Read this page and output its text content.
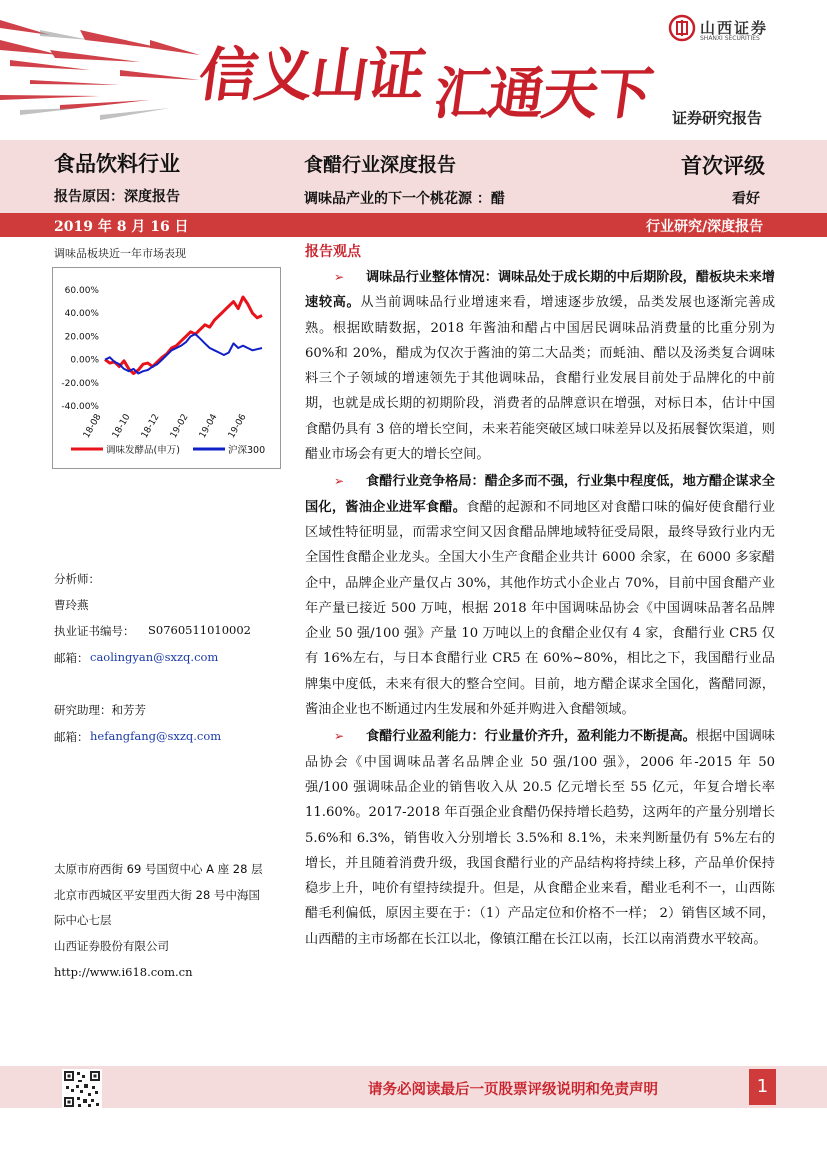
信义山证 汇通天下
山西证券
SHANXI SECURITIES
证券研究报告
食品饮料行业
报告原因：深度报告
食醋行业深度报告
调味品产业的下一个桃花源 ：醋
首次评级
看好
2019 年 8 月 16 日	行业研究/深度报告
调味品板块近一年市场表现
60.00%
40.00%
20.00%
0.00%
-20.00%
-40.00%
18-08 18-10 18-12 19-02 19-04 19-06
调味发酵品(申万)	沪深300
分析师：
曹玲燕
执业证书编号： S0760511010002
邮箱： caolingyan@sxzq.com
研究助理：和芳芳
邮箱： hefangfang@sxzq.com
太原市府西街 69 号国贸中心 A 座 28 层
北京市西城区平安里西大街 28 号中海国
际中心七层
山西证券股份有限公司
http://www.i618.com.cn
报告观点

➢ 调味品行业整体情况：调味品处于成长期的中后期阶段，醋板块未来增速较高。从当前调味品行业增速来看，增速逐步放缓，品类发展也逐渐完善成熟。根据欧睛数据，2018 年酱油和醋占中国居民调味品消费量的比重分别为 60%和 20%，醋成为仅次于酱油的第二大品类；而蚝油、醋以及汤类复合调味料三个子领域的增速领先于其他调味品，食醋行业发展目前处于品牌化的中前期，也就是成长期的初期阶段，消费者的品牌意识在增强，对标日本，估计中国食醋仍具有 3 倍的增长空间，未来若能突破区域口味差异以及拓展餐饮渠道，则醋业市场会有更大的增长空间。

➢ 食醋行业竞争格局：醋企多而不强，行业集中程度低，地方醋企谋求全国化，酱油企业进军食醋。食醋的起源和不同地区对食醋口味的偏好使食醋行业区域性特征明显，而需求空间又因食醋品牌地域特征受局限，最终导致行业内无全国性食醋企业龙头。全国大小生产食醋企业共计 6000 余家，在 6000 多家醋企中，品牌企业产量仅占 30%，其他作坊式小企业占 70%，目前中国食醋产业年产量已接近 500 万吨，根据 2018 年中国调味品协会《中国调味品著名品牌企业 50 强/100 强》产量 10 万吨以上的食醋企业仅有 4 家，食醋行业 CR5 仅有 16%左右，与日本食醋行业 CR5 在 60%~80%，相比之下，我国醋行业品牌集中度低，未来有很大的整合空间。目前，地方醋企谋求全国化，酱醋同源，酱油企业也不断通过内生发展和外延并购进入食醋领域。

➢ 食醋行业盈利能力：行业量价齐升，盈利能力不断提高。根据中国调味品协会《中国调味品著名品牌企业 50 强/100 强》，2006 年-2015 年 50 强/100 强调味品企业的销售收入从 20.5 亿元增长至 55 亿元，年复合增长率 11.60%。2017-2018 年百强企业食醋仍保持增长趋势，这两年的产量分别增长 5.6%和 6.3%，销售收入分别增长 3.5%和 8.1%，未来判断量仍有 5%左右的增长，并且随着消费升级，我国食醋行业的产品结构将持续上移，产品单价保持稳步上升，吨价有望持续提升。但是，从食醋企业来看，醋业毛利不一，山西陈醋毛利偏低，原因主要在于：（1）产品定位和价格不一样； 2）销售区域不同，山西醋的主市场都在长江以北，像镇江醋在长江以南，长江以南消费水平较高。

请务必阅读最后一页股票评级说明和免责声明	1
